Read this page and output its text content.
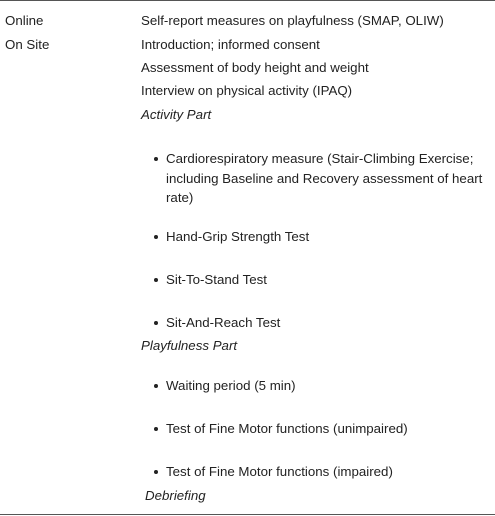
Online	Self-report measures on playfulness (SMAP, OLIW)
On Site	Introduction; informed consent
Assessment of body height and weight
Interview on physical activity (IPAQ)
Activity Part
Cardiorespiratory measure (Stair-Climbing Exercise;
including Baseline and Recovery assessment of heart
rate)
Hand-Grip Strength Test
Sit-To-Stand Test
Sit-And-Reach Test
Playfulness Part
Waiting period (5 min)
Test of Fine Motor functions (unimpaired)
Test of Fine Motor functions (impaired)
Debriefing
